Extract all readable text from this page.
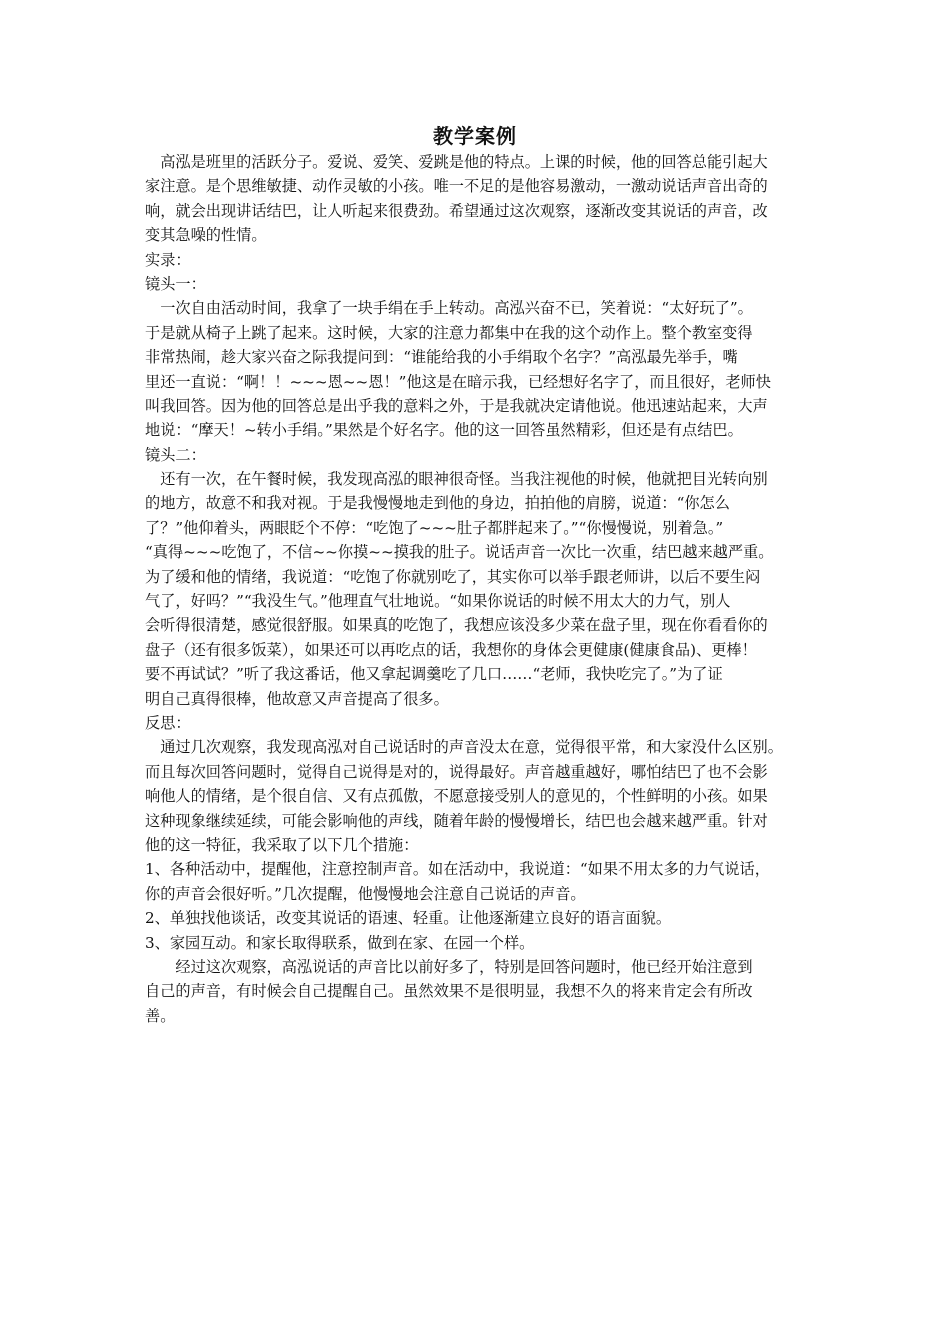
教学案例
　高泓是班里的活跃分子。爱说、爱笑、爱跳是他的特点。上课的时候，他的回答总能引起大
家注意。是个思维敏捷、动作灵敏的小孩。唯一不足的是他容易激动，一激动说话声音出奇的
响，就会出现讲话结巴，让人听起来很费劲。希望通过这次观察，逐渐改变其说话的声音，改
变其急噪的性情。
实录：
镜头一：
　一次自由活动时间，我拿了一块手绢在手上转动。高泓兴奋不已，笑着说：“太好玩了”。
于是就从椅子上跳了起来。这时候，大家的注意力都集中在我的这个动作上。整个教室变得
非常热闹，趁大家兴奋之际我提问到：“谁能给我的小手绢取个名字？”高泓最先举手，嘴
里还一直说：“啊！！~~~恩~~恩！”他这是在暗示我，已经想好名字了，而且很好，老师快
叫我回答。因为他的回答总是出乎我的意料之外，于是我就决定请他说。他迅速站起来，大声
地说：“摩天！~转小手绢。”果然是个好名字。他的这一回答虽然精彩，但还是有点结巴。
镜头二：
　还有一次，在午餐时候，我发现高泓的眼神很奇怪。当我注视他的时候，他就把目光转向别
的地方，故意不和我对视。于是我慢慢地走到他的身边，拍拍他的肩膀，说道：“你怎么
了？”他仰着头，两眼眨个不停：“吃饱了~~~肚子都胖起来了。”“你慢慢说，别着急。”
“真得~~~吃饱了，不信~~你摸~~摸我的肚子。说话声音一次比一次重，结巴越来越严重。
为了缓和他的情绪，我说道：“吃饱了你就别吃了，其实你可以举手跟老师讲，以后不要生闷
气了，好吗？”“我没生气。”他理直气壮地说。“如果你说话的时候不用太大的力气，别人
会听得很清楚，感觉很舒服。如果真的吃饱了，我想应该没多少菜在盘子里，现在你看看你的
盘子（还有很多饭菜），如果还可以再吃点的话，我想你的身体会更健康(健康食品)、更棒！
要不再试试？”听了我这番话，他又拿起调羹吃了几口……“老师，我快吃完了。”为了证
明自己真得很棒，他故意又声音提高了很多。
反思：
　通过几次观察，我发现高泓对自己说话时的声音没太在意，觉得很平常，和大家没什么区别。
而且每次回答问题时，觉得自己说得是对的，说得最好。声音越重越好，哪怕结巴了也不会影
响他人的情绪，是个很自信、又有点孤傲，不愿意接受别人的意见的，个性鲜明的小孩。如果
这种现象继续延续，可能会影响他的声线，随着年龄的慢慢增长，结巴也会越来越严重。针对
他的这一特征，我采取了以下几个措施：
1、各种活动中，提醒他，注意控制声音。如在活动中，我说道：“如果不用太多的力气说话，
你的声音会很好听。”几次提醒，他慢慢地会注意自己说话的声音。
2、单独找他谈话，改变其说话的语速、轻重。让他逐渐建立良好的语言面貌。
3、家园互动。和家长取得联系，做到在家、在园一个样。
　　经过这次观察，高泓说话的声音比以前好多了，特别是回答问题时，他已经开始注意到
自己的声音，有时候会自己提醒自己。虽然效果不是很明显，我想不久的将来肯定会有所改
善。
